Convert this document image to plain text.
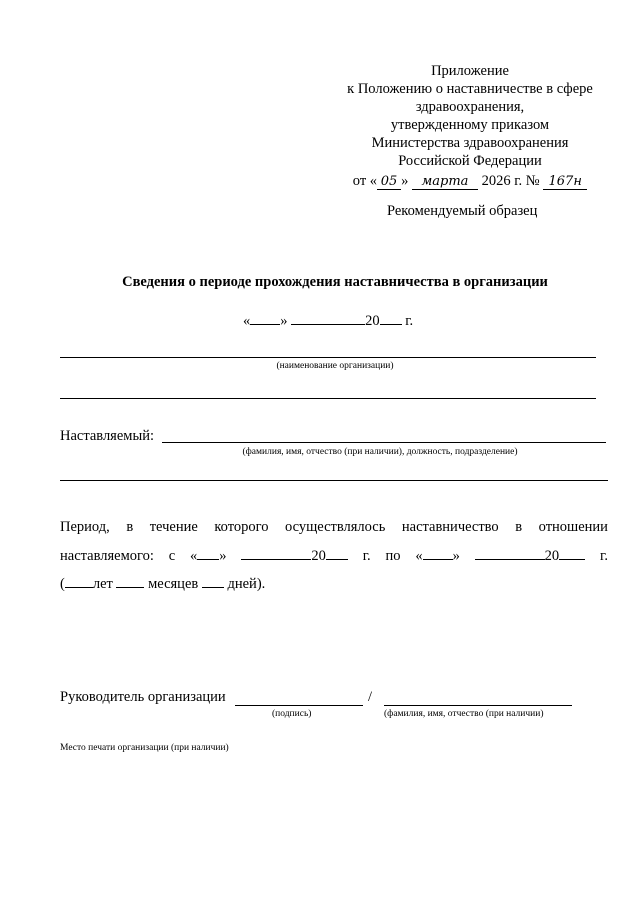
Приложение
к Положению о наставничестве в сфере
здравоохранения,
утвержденному приказом
Министерства здравоохранения
Российской Федерации
от « 05 » марта 2026 г. № 167н
Рекомендуемый образец
Сведения о периоде прохождения наставничества в организации
« »	20 г.
(наименование организации)
Наставляемый:
(фамилия, имя, отчество (при наличии), должность, подразделение)
Период, в течение которого осуществлялось наставничество в отношении
наставляемого: с « »	20	г. по « »	20	г.
( лет месяцев дней).
Руководитель организации	/
(подпись)	(фамилия, имя, отчество (при наличии)
Место печати организации (при наличии)
